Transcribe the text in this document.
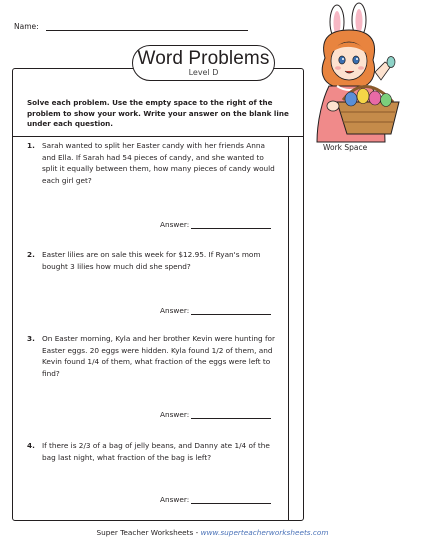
Name:
Word Problems
Level D
Solve each problem. Use the empty space to the right of the problem to show your work. Write your answer on the blank line under each question.
Work Space
1. Sarah wanted to split her Easter candy with her friends Anna and Ella. If Sarah had 54 pieces of candy, and she wanted to split it equally between them, how many pieces of candy would each girl get?
Answer:
2. Easter lilies are on sale this week for $12.95. If Ryan's mom bought 3 lilies how much did she spend?
Answer:
3. On Easter morning, Kyla and her brother Kevin were hunting for Easter eggs. 20 eggs were hidden. Kyla found 1/2 of them, and Kevin found 1/4 of them, what fraction of the eggs were left to find?
Answer:
4. If there is 2/3 of a bag of jelly beans, and Danny ate 1/4 of the bag last night, what fraction of the bag is left?
Answer:
Super Teacher Worksheets - www.superteacherworksheets.com
